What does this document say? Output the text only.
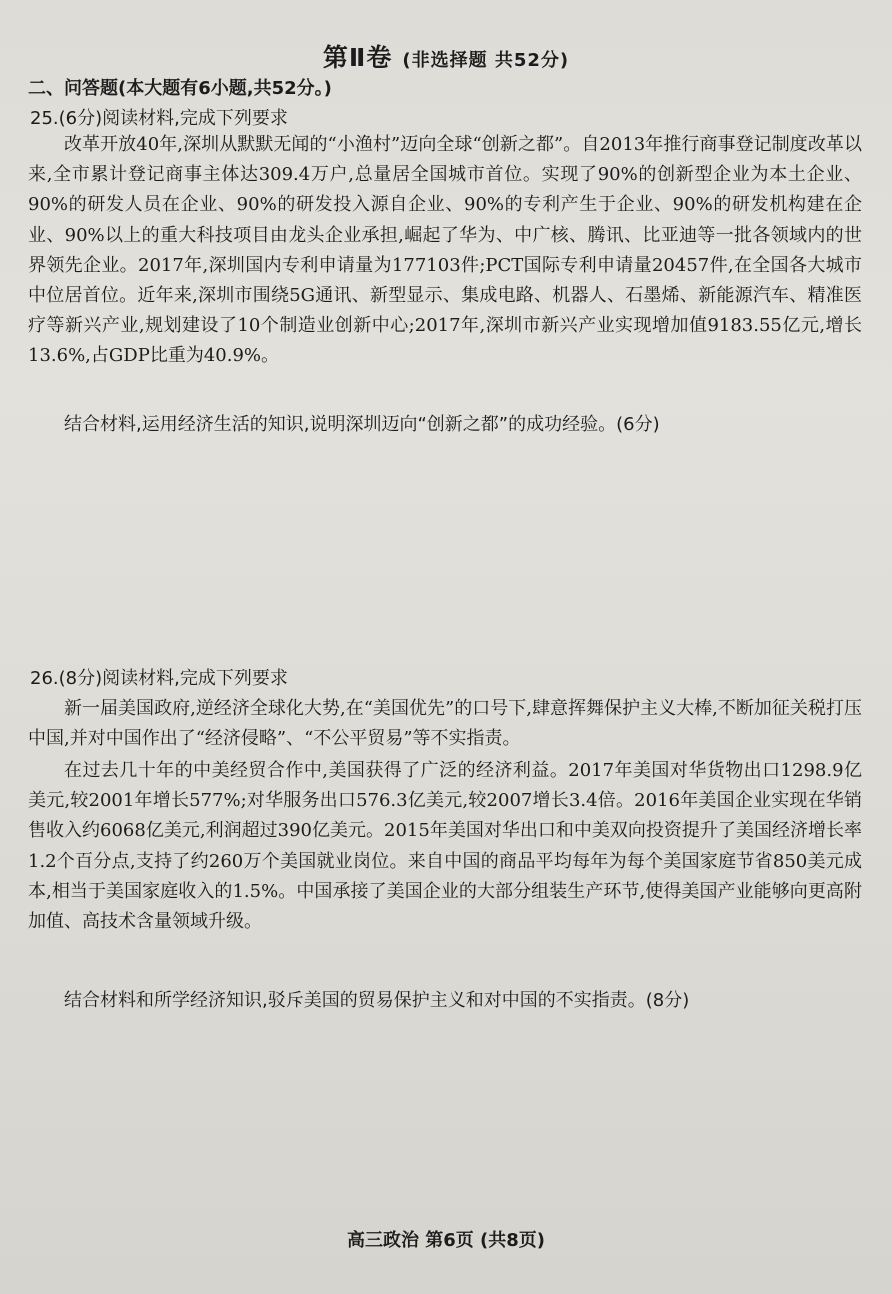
第Ⅱ卷 (非选择题 共52分)
二、问答题(本大题有6小题,共52分。)
25.(6分)阅读材料,完成下列要求
改革开放40年,深圳从默默无闻的“小渔村”迈向全球“创新之都”。自2013年推行商事登记制度改革以来,全市累计登记商事主体达309.4万户,总量居全国城市首位。实现了90%的创新型企业为本土企业、90%的研发人员在企业、90%的研发投入源自企业、90%的专利产生于企业、90%的研发机构建在企业、90%以上的重大科技项目由龙头企业承担,崛起了华为、中广核、腾讯、比亚迪等一批各领域内的世界领先企业。2017年,深圳国内专利申请量为177103件;PCT国际专利申请量20457件,在全国各大城市中位居首位。近年来,深圳市围绕5G通讯、新型显示、集成电路、机器人、石墨烯、新能源汽车、精准医疗等新兴产业,规划建设了10个制造业创新中心;2017年,深圳市新兴产业实现增加值9183.55亿元,增长13.6%,占GDP比重为40.9%。
结合材料,运用经济生活的知识,说明深圳迈向“创新之都”的成功经验。(6分)
26.(8分)阅读材料,完成下列要求
新一届美国政府,逆经济全球化大势,在“美国优先”的口号下,肆意挥舞保护主义大棒,不断加征关税打压中国,并对中国作出了“经济侵略”、“不公平贸易”等不实指责。
在过去几十年的中美经贸合作中,美国获得了广泛的经济利益。2017年美国对华货物出口1298.9亿美元,较2001年增长577%;对华服务出口576.3亿美元,较2007增长3.4倍。2016年美国企业实现在华销售收入约6068亿美元,利润超过390亿美元。2015年美国对华出口和中美双向投资提升了美国经济增长率1.2个百分点,支持了约260万个美国就业岗位。来自中国的商品平均每年为每个美国家庭节省850美元成本,相当于美国家庭收入的1.5%。中国承接了美国企业的大部分组装生产环节,使得美国产业能够向更高附加值、高技术含量领域升级。
结合材料和所学经济知识,驳斥美国的贸易保护主义和对中国的不实指责。(8分)
高三政治 第6页 (共8页)
